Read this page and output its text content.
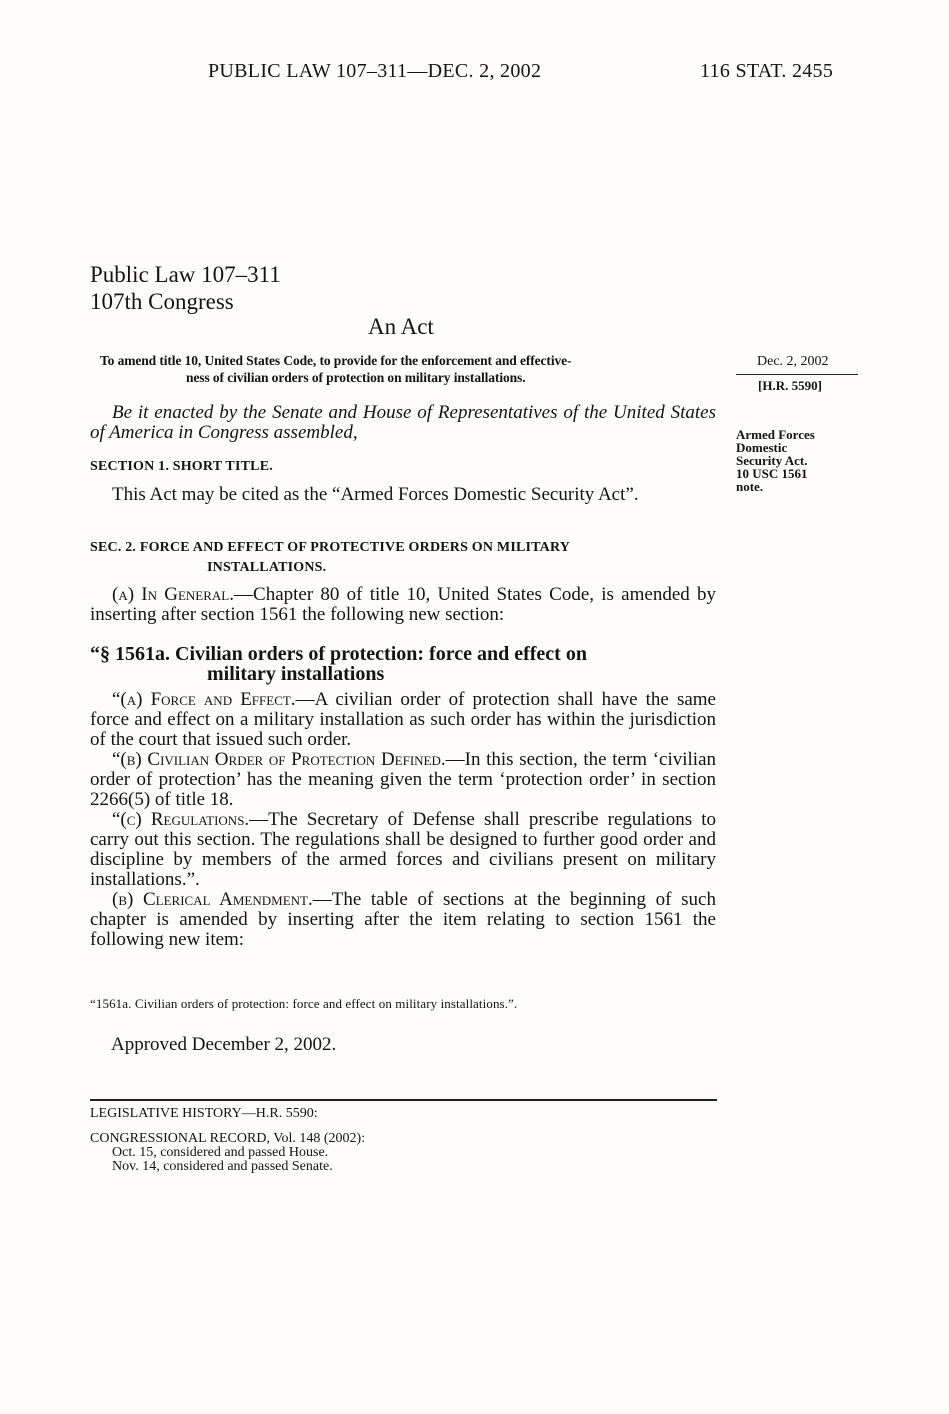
PUBLIC LAW 107–311—DEC. 2, 2002	116 STAT. 2455
Public Law 107–311
107th Congress
An Act
To amend title 10, United States Code, to provide for the enforcement and effective-
ness of civilian orders of protection on military installations.
Dec. 2, 2002
[H.R. 5590]
Armed Forces
Domestic
Security Act.
10 USC 1561
note.

Be it enacted by the Senate and House of Representatives of the United States of America in Congress assembled,

SECTION 1. SHORT TITLE.

This Act may be cited as the “Armed Forces Domestic Security Act”.

SEC. 2. FORCE AND EFFECT OF PROTECTIVE ORDERS ON MILITARY
INSTALLATIONS.

(a) In General.—Chapter 80 of title 10, United States Code, is amended by inserting after section 1561 the following new section:

“§ 1561a. Civilian orders of protection: force and effect on
military installations

“(a) Force and Effect.—A civilian order of protection shall have the same force and effect on a military installation as such order has within the jurisdiction of the court that issued such order.

“(b) Civilian Order of Protection Defined.—In this section, the term ‘civilian order of protection’ has the meaning given the term ‘protection order’ in section 2266(5) of title 18.

“(c) Regulations.—The Secretary of Defense shall prescribe regulations to carry out this section. The regulations shall be designed to further good order and discipline by members of the armed forces and civilians present on military installations.”.

(b) Clerical Amendment.—The table of sections at the beginning of such chapter is amended by inserting after the item relating to section 1561 the following new item:

“1561a. Civilian orders of protection: force and effect on military installations.”.
Approved December 2, 2002.
LEGISLATIVE HISTORY—H.R. 5590:
CONGRESSIONAL RECORD, Vol. 148 (2002):
Oct. 15, considered and passed House.
Nov. 14, considered and passed Senate.
